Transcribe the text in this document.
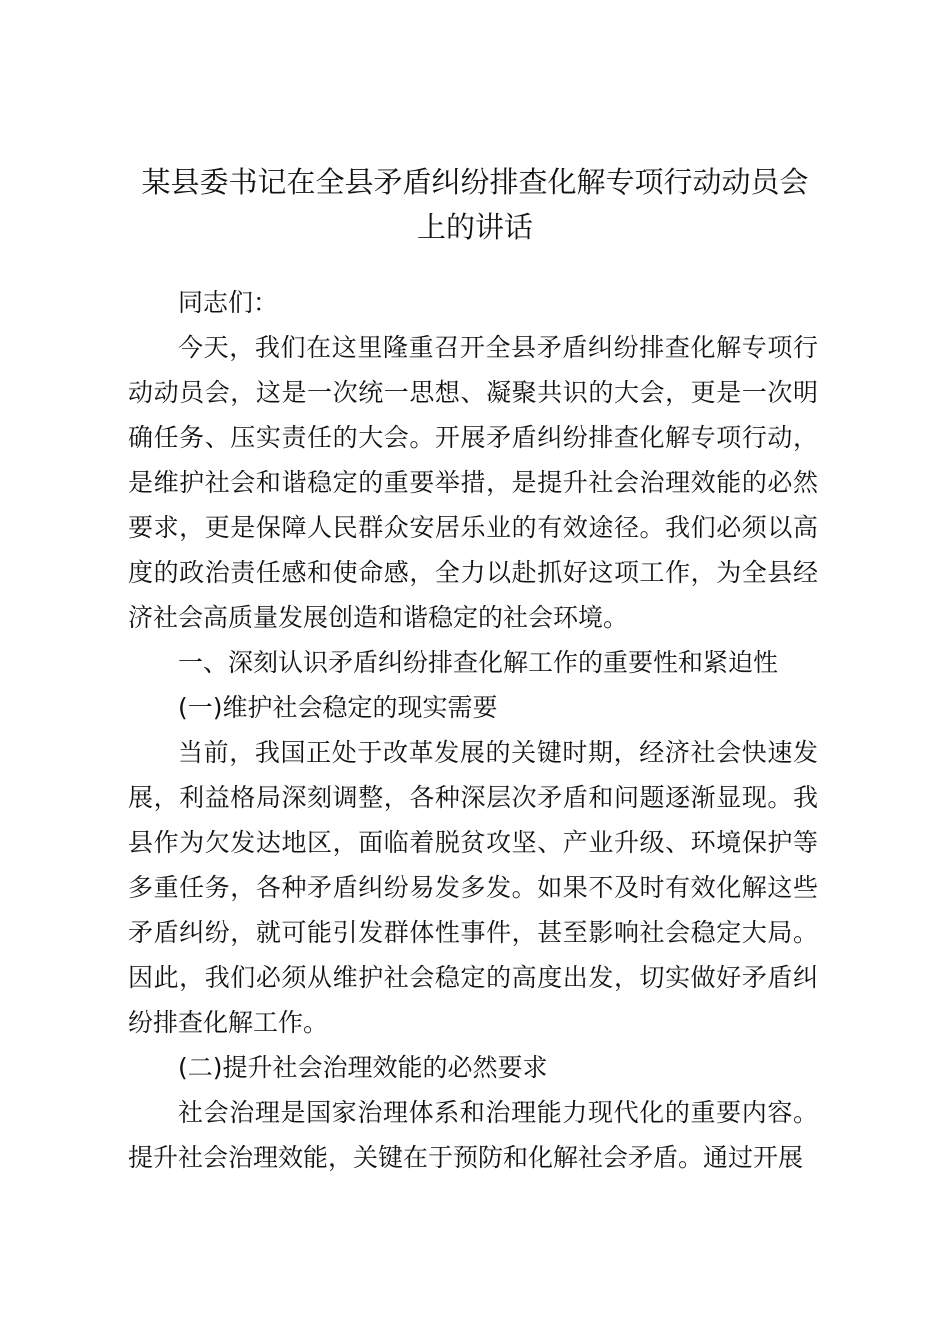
某县委书记在全县矛盾纠纷排查化解专项行动动员会上的讲话

同志们：

今天，我们在这里隆重召开全县矛盾纠纷排查化解专项行动动员会，这是一次统一思想、凝聚共识的大会，更是一次明确任务、压实责任的大会。开展矛盾纠纷排查化解专项行动，是维护社会和谐稳定的重要举措，是提升社会治理效能的必然要求，更是保障人民群众安居乐业的有效途径。我们必须以高度的政治责任感和使命感，全力以赴抓好这项工作，为全县经济社会高质量发展创造和谐稳定的社会环境。

一、深刻认识矛盾纠纷排查化解工作的重要性和紧迫性

(一)维护社会稳定的现实需要

当前，我国正处于改革发展的关键时期，经济社会快速发展，利益格局深刻调整，各种深层次矛盾和问题逐渐显现。我县作为欠发达地区，面临着脱贫攻坚、产业升级、环境保护等多重任务，各种矛盾纠纷易发多发。如果不及时有效化解这些矛盾纠纷，就可能引发群体性事件，甚至影响社会稳定大局。因此，我们必须从维护社会稳定的高度出发，切实做好矛盾纠纷排查化解工作。

(二)提升社会治理效能的必然要求

社会治理是国家治理体系和治理能力现代化的重要内容。提升社会治理效能，关键在于预防和化解社会矛盾。通过开展
